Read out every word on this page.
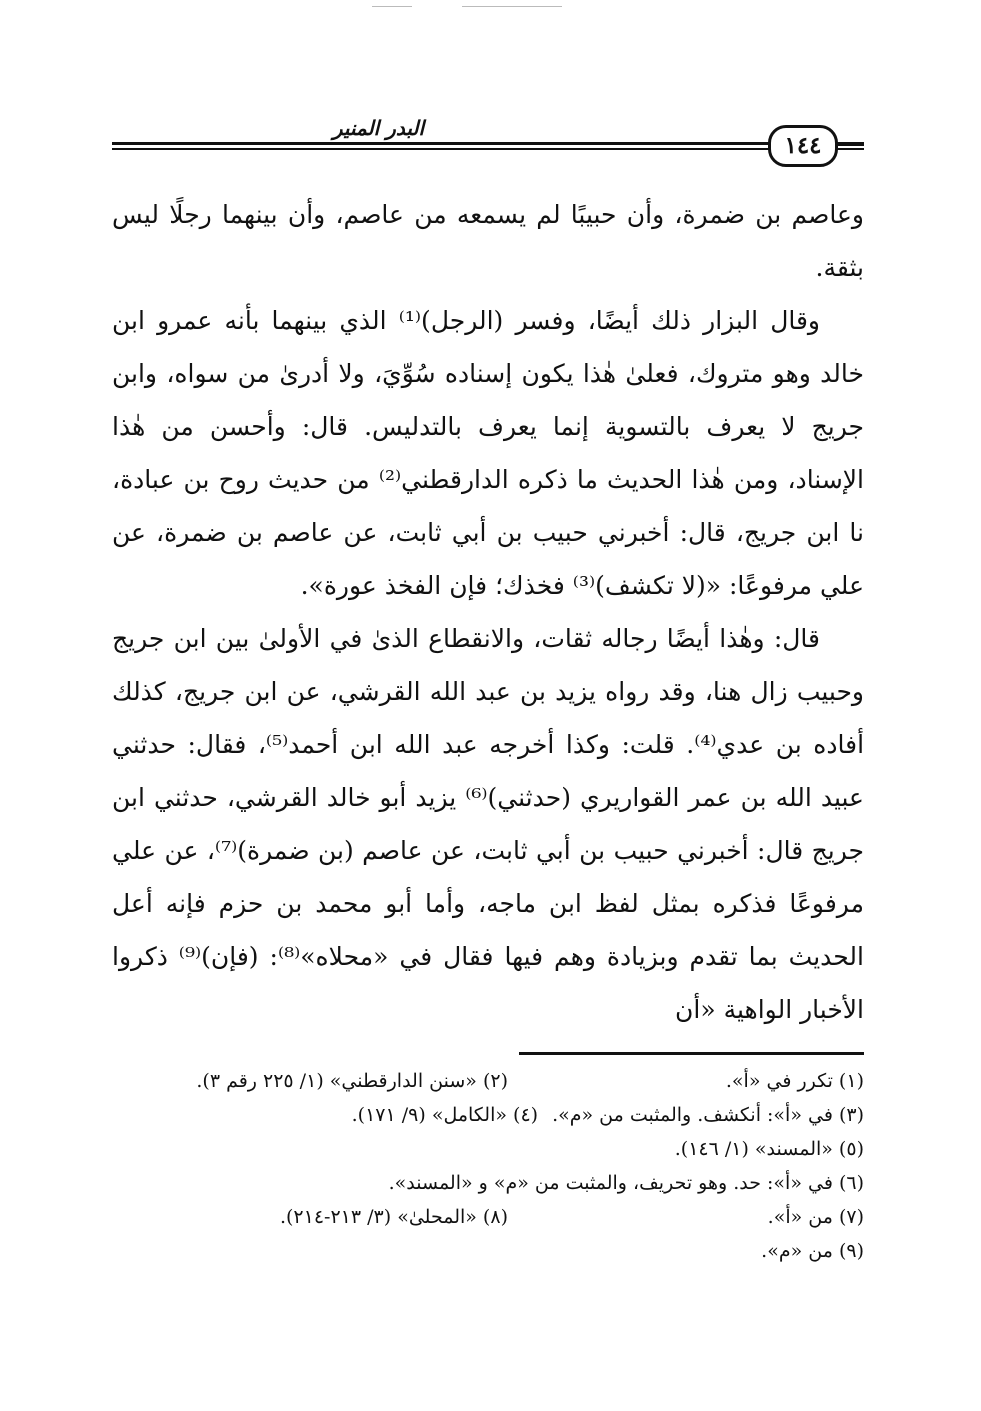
البدر المنير
١٤٤

وعاصم بن ضمرة، وأن حبيبًا لم يسمعه من عاصم، وأن بينهما رجلًا ليس بثقة.

وقال البزار ذلك أيضًا، وفسر (الرجل)⁽¹⁾ الذي بينهما بأنه عمرو ابن خالد وهو متروك، فعلىٰ هٰذا يكون إسناده سُوِّيَ، ولا أدرىٰ من سواه، وابن جريج لا يعرف بالتسوية إنما يعرف بالتدليس. قال: وأحسن من هٰذا الإسناد، ومن هٰذا الحديث ما ذكره الدارقطني⁽²⁾ من حديث روح بن عبادة، نا ابن جريج، قال: أخبرني حبيب بن أبي ثابت، عن عاصم بن ضمرة، عن علي مرفوعًا: «(لا تكشف)⁽³⁾ فخذك؛ فإن الفخذ عورة».

قال: وهٰذا أيضًا رجاله ثقات، والانقطاع الذىٰ في الأولىٰ بين ابن جريج وحبيب زال هنا، وقد رواه يزيد بن عبد الله القرشي، عن ابن جريج، كذلك أفاده بن عدي⁽⁴⁾. قلت: وكذا أخرجه عبد الله ابن أحمد⁽⁵⁾، فقال: حدثني عبيد الله بن عمر القواريري (حدثني)⁽⁶⁾ يزيد أبو خالد القرشي، حدثني ابن جريج قال: أخبرني حبيب بن أبي ثابت، عن عاصم (بن ضمرة)⁽⁷⁾، عن علي مرفوعًا فذكره بمثل لفظ ابن ماجه، وأما أبو محمد بن حزم فإنه أعل الحديث بما تقدم وبزيادة وهم فيها فقال في «محلاه»⁽⁸⁾: (فإن)⁽⁹⁾ ذكروا الأخبار الواهية «أن

(١) تكرر في «أ».
(٢) «سنن الدارقطني» (١/ ٢٢٥ رقم ٣).
(٣) في «أ»: أنكشف. والمثبت من «م».
(٤) «الكامل» (٩/ ١٧١).
(٥) «المسند» (١/ ١٤٦).
(٦) في «أ»: حد. وهو تحريف، والمثبت من «م» و «المسند».
(٧) من «أ».
(٨) «المحلىٰ» (٣/ ٢١٣-٢١٤).
(٩) من «م».
